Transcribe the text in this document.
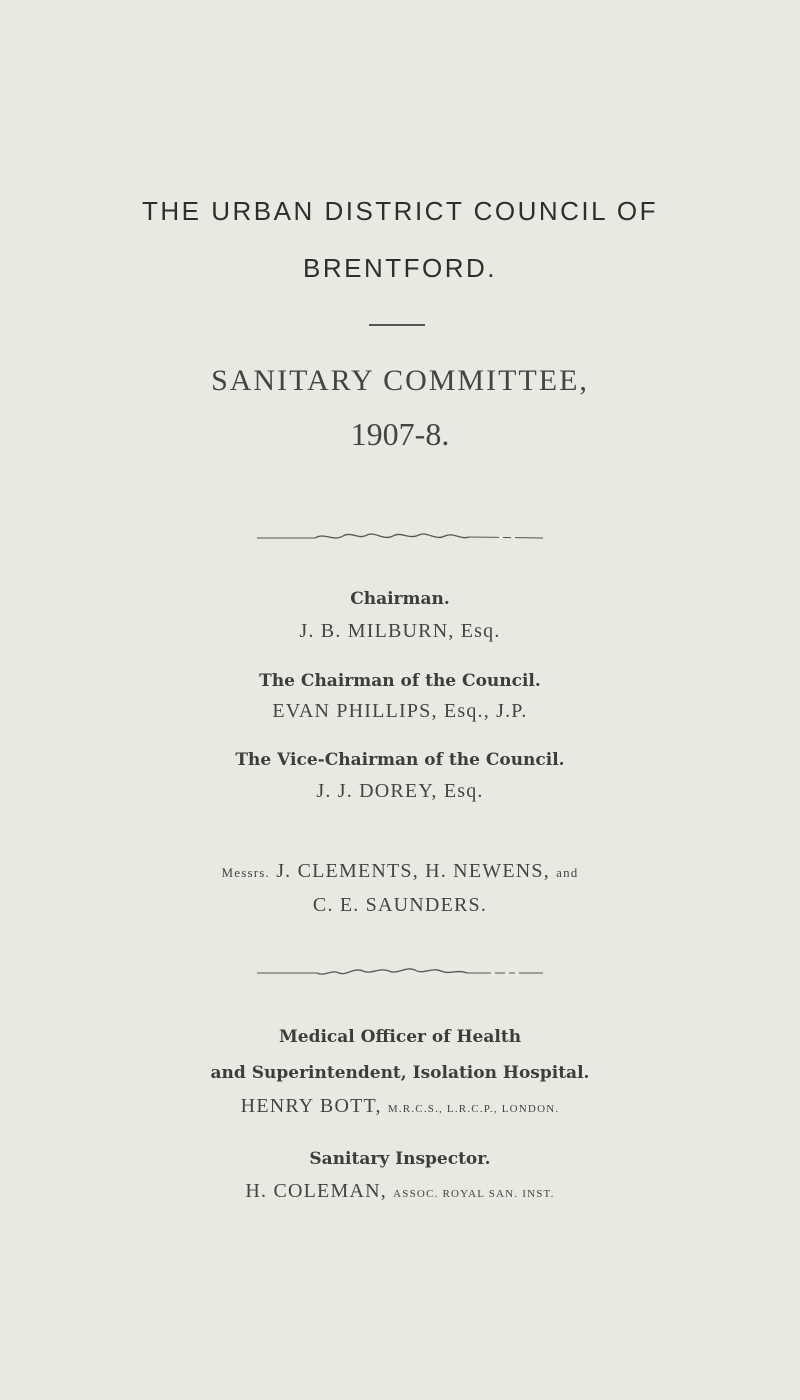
THE URBAN DISTRICT COUNCIL OF
BRENTFORD.
SANITARY COMMITTEE,
1907-8.
Chairman.
J. B. MILBURN, Esq.
The Chairman of the Council.
EVAN PHILLIPS, Esq., J.P.
The Vice-Chairman of the Council.
J. J. DOREY, Esq.
Messrs. J. CLEMENTS, H. NEWENS, and
C. E. SAUNDERS.
Medical Officer of Health
and Superintendent, Isolation Hospital.
HENRY BOTT, M.R.C.S., L.R.C.P., LONDON.
Sanitary Inspector.
H. COLEMAN, ASSOC. ROYAL SAN. INST.
